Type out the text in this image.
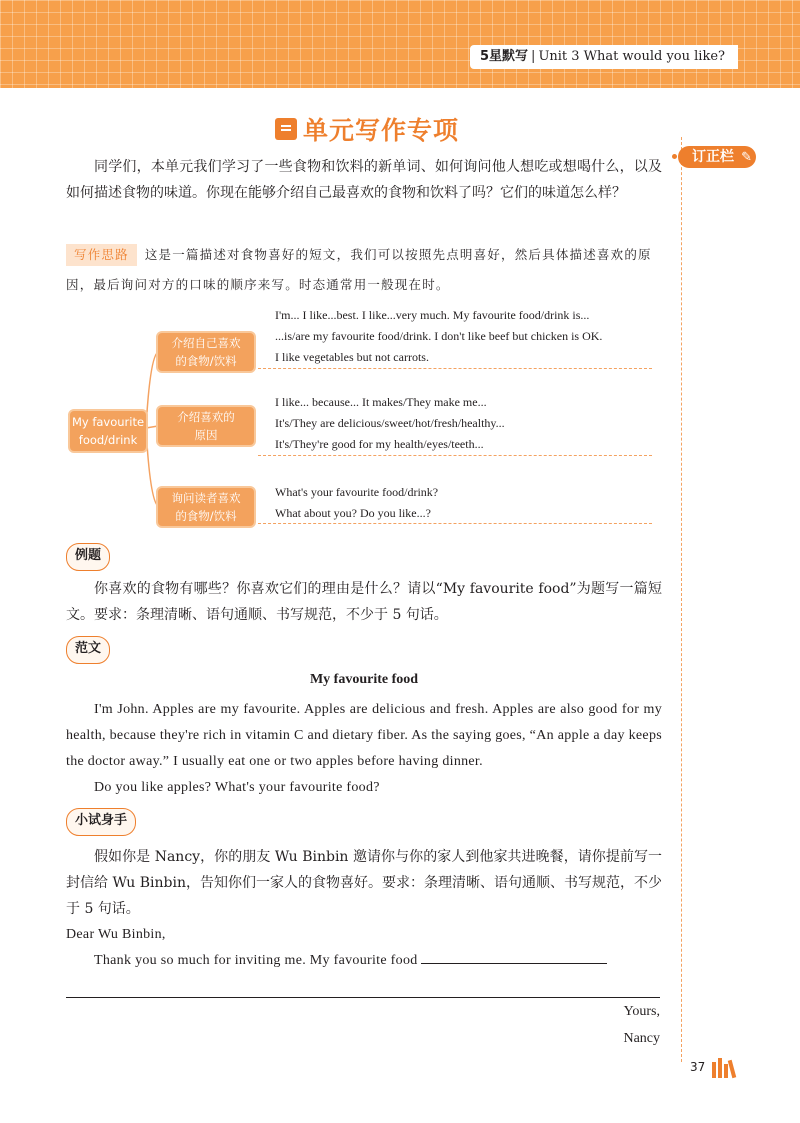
5星默写 | Unit 3 What would you like?
单元写作专项
订正栏 ✎

同学们，本单元我们学习了一些食物和饮料的新单词、如何询问他人想吃或想喝什么，以及如何描述食物的味道。你现在能够介绍自己最喜欢的食物和饮料了吗？它们的味道怎么样？

写作思路 这是一篇描述对食物喜好的短文，我们可以按照先点明喜好，然后具体描述喜欢的原因，最后询问对方的口味的顺序来写。时态通常用一般现在时。
My favourite
food/drink
介绍自己喜欢
的食物/饮料
I'm... I like...best. I like...very much. My favourite food/drink is...
...is/are my favourite food/drink. I don't like beef but chicken is OK.
I like vegetables but not carrots.
介绍喜欢的
原因
I like... because... It makes/They make me...
It's/They are delicious/sweet/hot/fresh/healthy...
It's/They're good for my health/eyes/teeth...
询问读者喜欢
的食物/饮料
What's your favourite food/drink?
What about you? Do you like...?
例题

你喜欢的食物有哪些？你喜欢它们的理由是什么？请以“My favourite food”为题写一篇短文。要求：条理清晰、语句通顺、书写规范，不少于 5 句话。

范文
My favourite food

I'm John. Apples are my favourite. Apples are delicious and fresh. Apples are also good for my health, because they're rich in vitamin C and dietary fiber. As the saying goes, “An apple a day keeps the doctor away.” I usually eat one or two apples before having dinner.

Do you like apples? What's your favourite food?

小试身手

假如你是 Nancy，你的朋友 Wu Binbin 邀请你与你的家人到他家共进晚餐，请你提前写一封信给 Wu Binbin，告知你们一家人的食物喜好。要求：条理清晰、语句通顺、书写规范，不少于 5 句话。

Dear Wu Binbin,

Thank you so much for inviting me. My favourite food

Yours,
Nancy
37
